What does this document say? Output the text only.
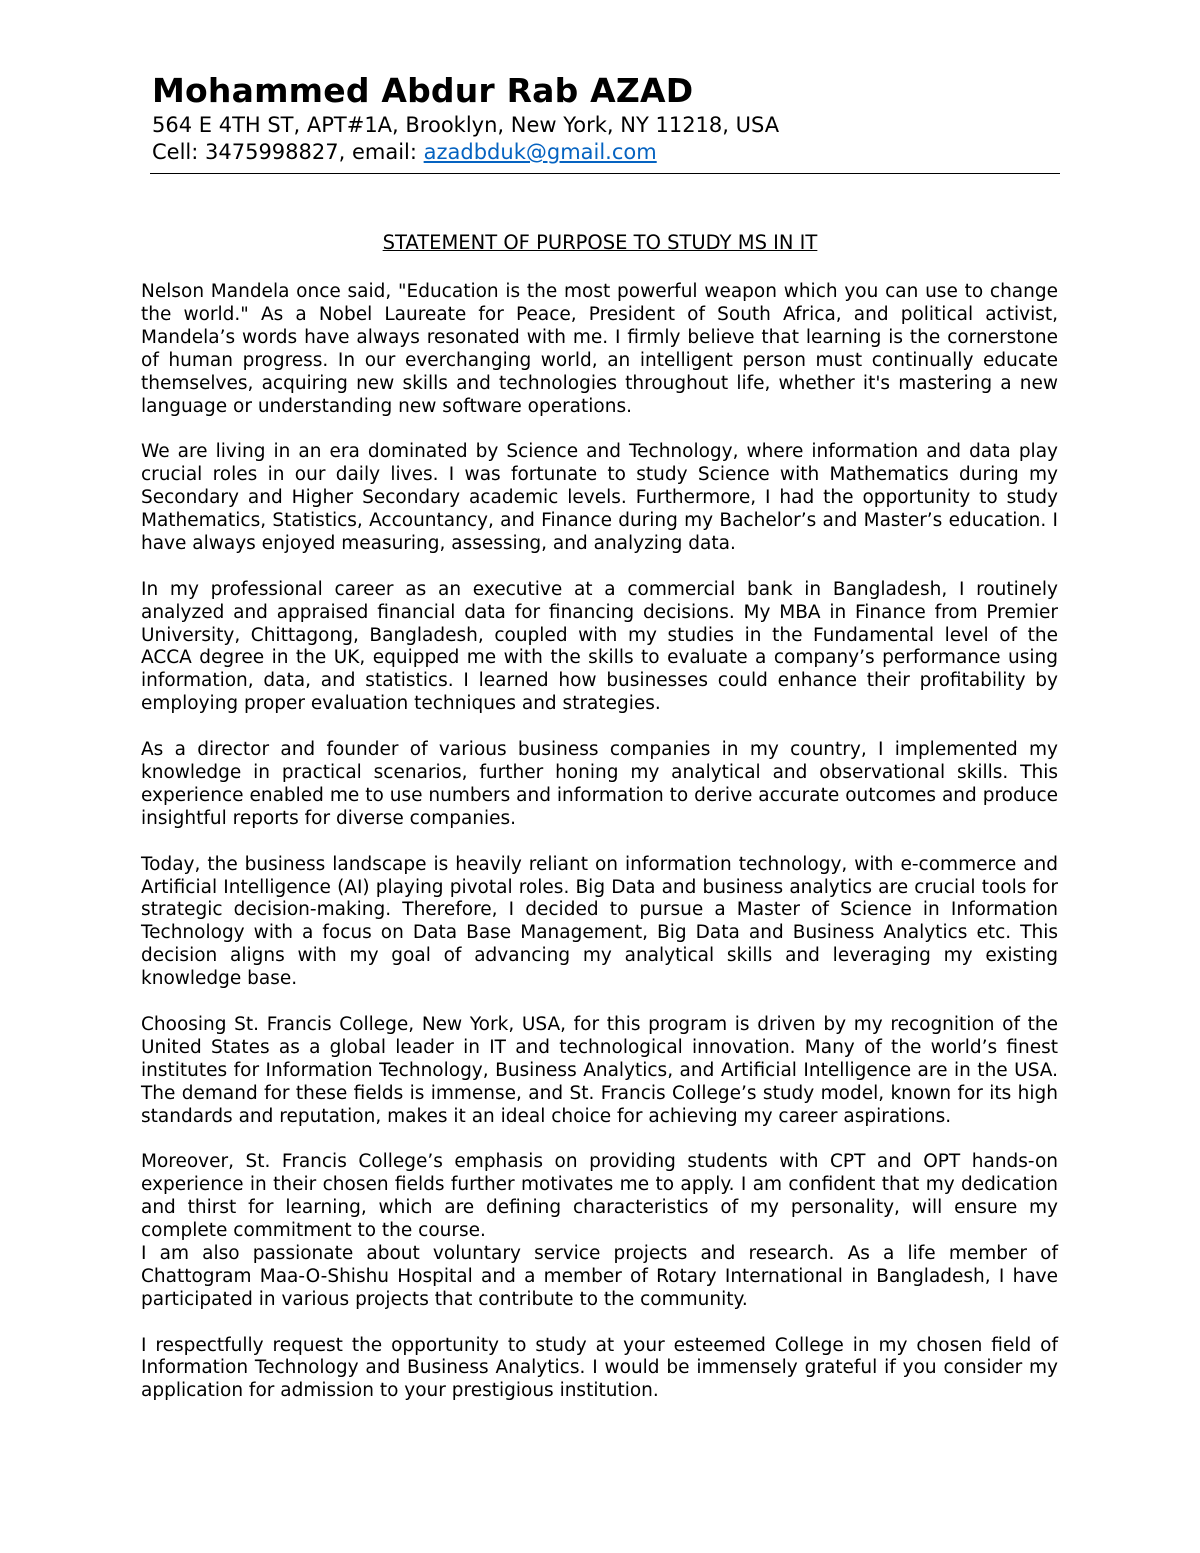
Mohammed Abdur Rab AZAD

564 E 4TH ST, APT#1A, Brooklyn, New York, NY 11218, USA

Cell: 3475998827, email: azadbduk@gmail.com

STATEMENT OF PURPOSE TO STUDY MS IN IT

Nelson Mandela once said, "Education is the most powerful weapon which you can use to change the world." As a Nobel Laureate for Peace, President of South Africa, and political activist, Mandela’s words have always resonated with me. I firmly believe that learning is the cornerstone of human progress. In our everchanging world, an intelligent person must continually educate themselves, acquiring new skills and technologies throughout life, whether it's mastering a new language or understanding new software operations.

We are living in an era dominated by Science and Technology, where information and data play crucial roles in our daily lives. I was fortunate to study Science with Mathematics during my Secondary and Higher Secondary academic levels. Furthermore, I had the opportunity to study Mathematics, Statistics, Accountancy, and Finance during my Bachelor’s and Master’s education. I have always enjoyed measuring, assessing, and analyzing data.

In my professional career as an executive at a commercial bank in Bangladesh, I routinely analyzed and appraised financial data for financing decisions. My MBA in Finance from Premier University, Chittagong, Bangladesh, coupled with my studies in the Fundamental level of the ACCA degree in the UK, equipped me with the skills to evaluate a company’s performance using information, data, and statistics. I learned how businesses could enhance their profitability by employing proper evaluation techniques and strategies.

As a director and founder of various business companies in my country, I implemented my knowledge in practical scenarios, further honing my analytical and observational skills. This experience enabled me to use numbers and information to derive accurate outcomes and produce insightful reports for diverse companies.

Today, the business landscape is heavily reliant on information technology, with e-commerce and Artificial Intelligence (AI) playing pivotal roles. Big Data and business analytics are crucial tools for strategic decision-making. Therefore, I decided to pursue a Master of Science in Information Technology with a focus on Data Base Management, Big Data and Business Analytics etc. This decision aligns with my goal of advancing my analytical skills and leveraging my existing knowledge base.

Choosing St. Francis College, New York, USA, for this program is driven by my recognition of the United States as a global leader in IT and technological innovation. Many of the world’s finest institutes for Information Technology, Business Analytics, and Artificial Intelligence are in the USA. The demand for these fields is immense, and St. Francis College’s study model, known for its high standards and reputation, makes it an ideal choice for achieving my career aspirations.

Moreover, St. Francis College’s emphasis on providing students with CPT and OPT hands-on experience in their chosen fields further motivates me to apply. I am confident that my dedication and thirst for learning, which are defining characteristics of my personality, will ensure my complete commitment to the course.

I am also passionate about voluntary service projects and research. As a life member of Chattogram Maa-O-Shishu Hospital and a member of Rotary International in Bangladesh, I have participated in various projects that contribute to the community.

I respectfully request the opportunity to study at your esteemed College in my chosen field of Information Technology and Business Analytics. I would be immensely grateful if you consider my application for admission to your prestigious institution.
